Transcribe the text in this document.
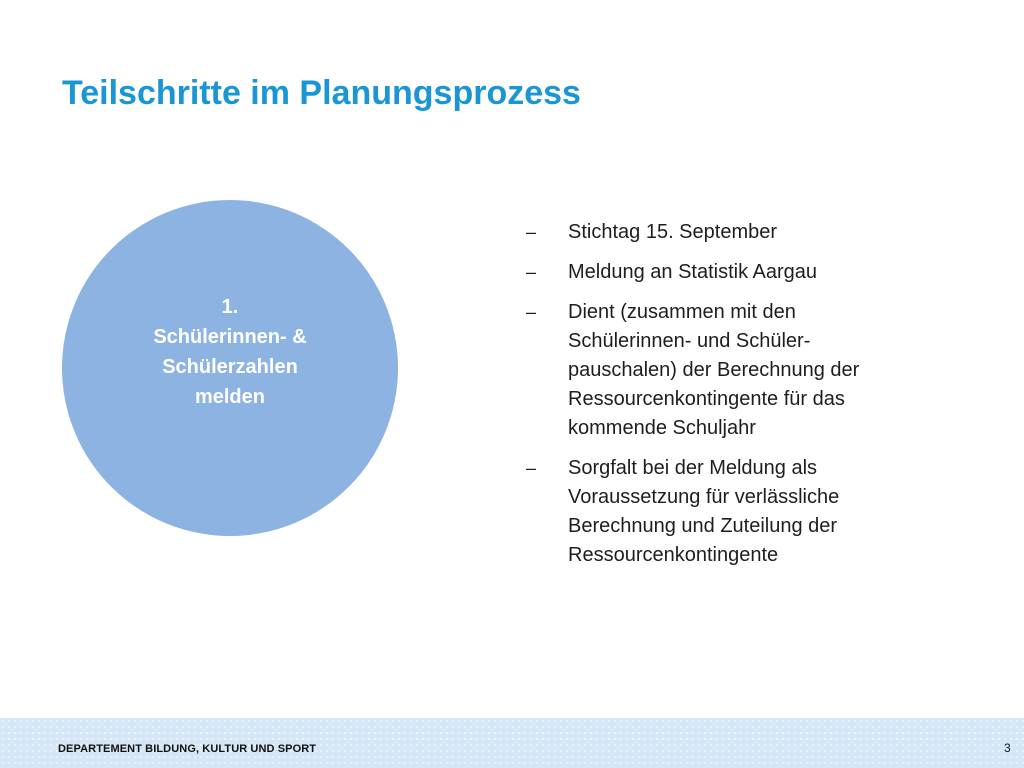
Teilschritte im Planungsprozess
1.
Schülerinnen- &
Schülerzahlen
melden
–	Stichtag 15. September
–	Meldung an Statistik Aargau
–	Dient (zusammen mit den
Schülerinnen- und Schüler-
pauschalen) der Berechnung der
Ressourcenkontingente für das
kommende Schuljahr
–	Sorgfalt bei der Meldung als
Voraussetzung für verlässliche
Berechnung und Zuteilung der
Ressourcenkontingente
DEPARTEMENT BILDUNG, KULTUR UND SPORT	3
